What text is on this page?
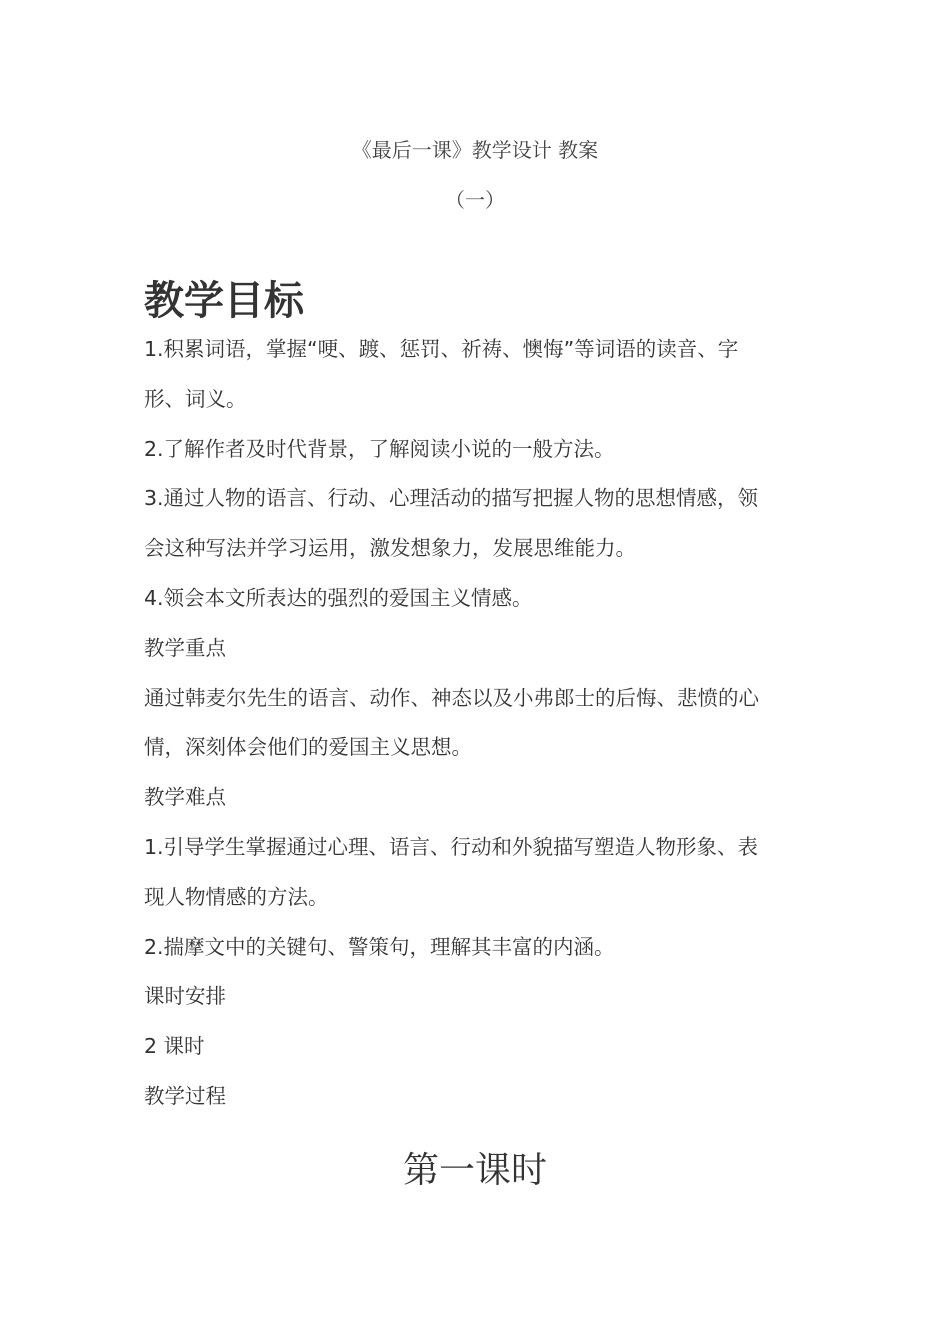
《最后一课》教学设计 教案
（一）
教学目标
1.积累词语，掌握“哽、踱、惩罚、祈祷、懊悔”等词语的读音、字
形、词义。
2.了解作者及时代背景，了解阅读小说的一般方法。
3.通过人物的语言、行动、心理活动的描写把握人物的思想情感，领
会这种写法并学习运用，激发想象力，发展思维能力。
4.领会本文所表达的强烈的爱国主义情感。
教学重点
通过韩麦尔先生的语言、动作、神态以及小弗郎士的后悔、悲愤的心
情，深刻体会他们的爱国主义思想。
教学难点
1.引导学生掌握通过心理、语言、行动和外貌描写塑造人物形象、表
现人物情感的方法。
2.揣摩文中的关键句、警策句，理解其丰富的内涵。
课时安排
2 课时
教学过程
第一课时
